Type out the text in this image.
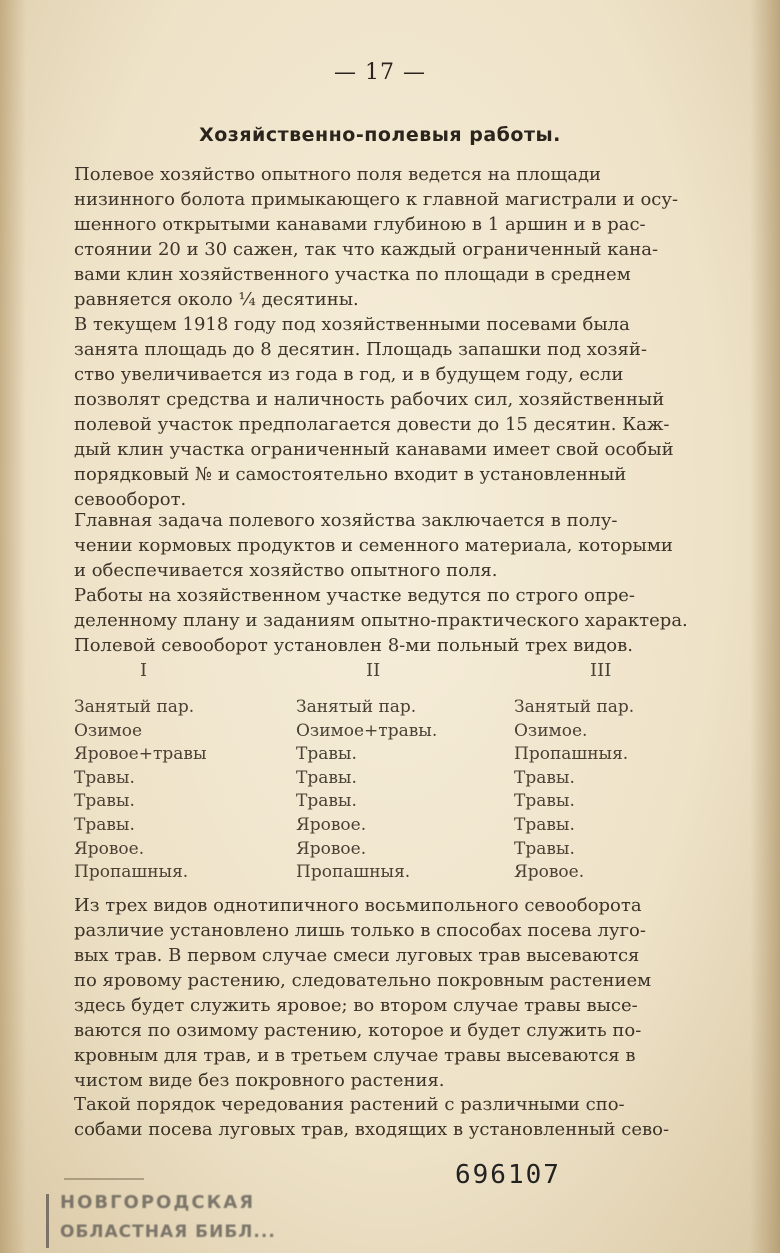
— 17 —
Хозяйственно-полевыя работы.
Полевое хозяйство опытного поля ведется на площади
низинного болота примыкающего к главной магистрали и осу-
шенного открытыми канавами глубиною в 1 аршин и в рас-
стоянии 20 и 30 сажен, так что каждый ограниченный кана-
вами клин хозяйственного участка по площади в среднем
равняется около ¼ десятины.
В текущем 1918 году под хозяйственными посевами была
занята площадь до 8 десятин. Площадь запашки под хозяй-
ство увеличивается из года в год, и в будущем году, если
позволят средства и наличность рабочих сил, хозяйственный
полевой участок предполагается довести до 15 десятин. Каж-
дый клин участка ограниченный канавами имеет свой особый
порядковый № и самостоятельно входит в установленный
севооборот.
Главная задача полевого хозяйства заключается в полу-
чении кормовых продуктов и семенного материала, которыми
и обеспечивается хозяйство опытного поля.
Работы на хозяйственном участке ведутся по строго опре-
деленному плану и заданиям опытно-практического характера.
Полевой севооборот установлен 8-ми польный трех видов.
I	II	III
Занятый пар.
Озимое
Яровое+травы
Травы.
Травы.
Травы.
Яровое.
Пропашныя.
Занятый пар.
Озимое+травы.
Травы.
Травы.
Травы.
Яровое.
Яровое.
Пропашныя.
Занятый пар.
Озимое.
Пропашныя.
Травы.
Травы.
Травы.
Травы.
Яровое.
Из трех видов однотипичного восьмипольного севооборота
различие установлено лишь только в способах посева луго-
вых трав. В первом случае смеси луговых трав высеваются
по яровому растению, следовательно покровным растением
здесь будет служить яровое; во втором случае травы высе-
ваются по озимому растению, которое и будет служить по-
кровным для трав, и в третьем случае травы высеваются в
чистом виде без покровного растения.
Такой порядок чередования растений с различными спо-
собами посева луговых трав, входящих в установленный сево-
696107
НОВГОРОДСКАЯ
ОБЛАСТНАЯ БИБЛ...
